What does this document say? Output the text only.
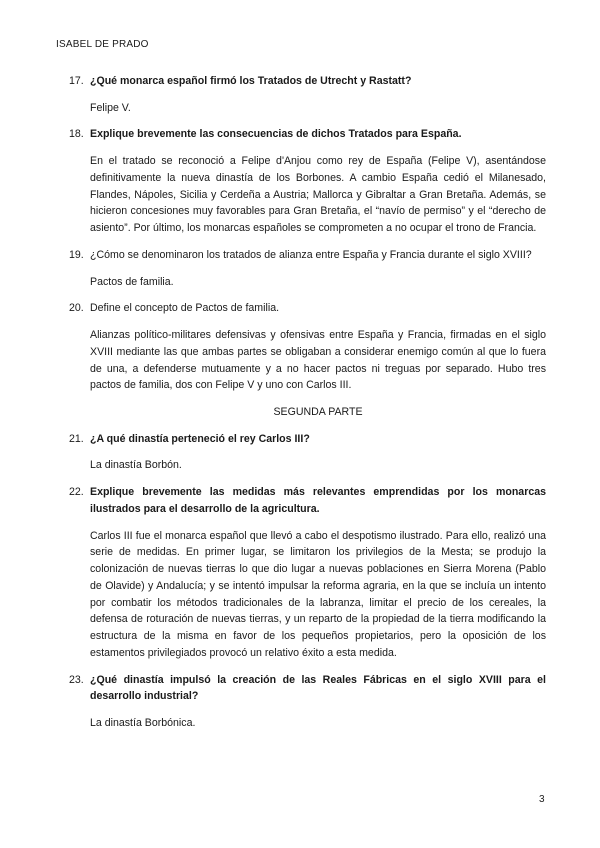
ISABEL DE PRADO

17. ¿Qué monarca español firmó los Tratados de Utrecht y Rastatt?

Felipe V.

18. Explique brevemente las consecuencias de dichos Tratados para España.

En el tratado se reconoció a Felipe d'Anjou como rey de España (Felipe V), asentándose definitivamente la nueva dinastía de los Borbones. A cambio España cedió el Milanesado, Flandes, Nápoles, Sicilia y Cerdeña a Austria; Mallorca y Gibraltar a Gran Bretaña. Además, se hicieron concesiones muy favorables para Gran Bretaña, el “navío de permiso” y el “derecho de asiento”. Por último, los monarcas españoles se comprometen a no ocupar el trono de Francia.

19. ¿Cómo se denominaron los tratados de alianza entre España y Francia durante el siglo XVIII?

Pactos de familia.

20. Define el concepto de Pactos de familia.

Alianzas político-militares defensivas y ofensivas entre España y Francia, firmadas en el siglo XVIII mediante las que ambas partes se obligaban a considerar enemigo común al que lo fuera de una, a defenderse mutuamente y a no hacer pactos ni treguas por separado. Hubo tres pactos de familia, dos con Felipe V y uno con Carlos III.

SEGUNDA PARTE

21. ¿A qué dinastía perteneció el rey Carlos III?

La dinastía Borbón.

22. Explique brevemente las medidas más relevantes emprendidas por los monarcas ilustrados para el desarrollo de la agricultura.

Carlos III fue el monarca español que llevó a cabo el despotismo ilustrado. Para ello, realizó una serie de medidas. En primer lugar, se limitaron los privilegios de la Mesta; se produjo la colonización de nuevas tierras lo que dio lugar a nuevas poblaciones en Sierra Morena (Pablo de Olavide) y Andalucía; y se intentó impulsar la reforma agraria, en la que se incluía un intento por combatir los métodos tradicionales de la labranza, limitar el precio de los cereales, la defensa de roturación de nuevas tierras, y un reparto de la propiedad de la tierra modificando la estructura de la misma en favor de los pequeños propietarios, pero la oposición de los estamentos privilegiados provocó un relativo éxito a esta medida.

23. ¿Qué dinastía impulsó la creación de las Reales Fábricas en el siglo XVIII para el desarrollo industrial?

La dinastía Borbónica.

3
